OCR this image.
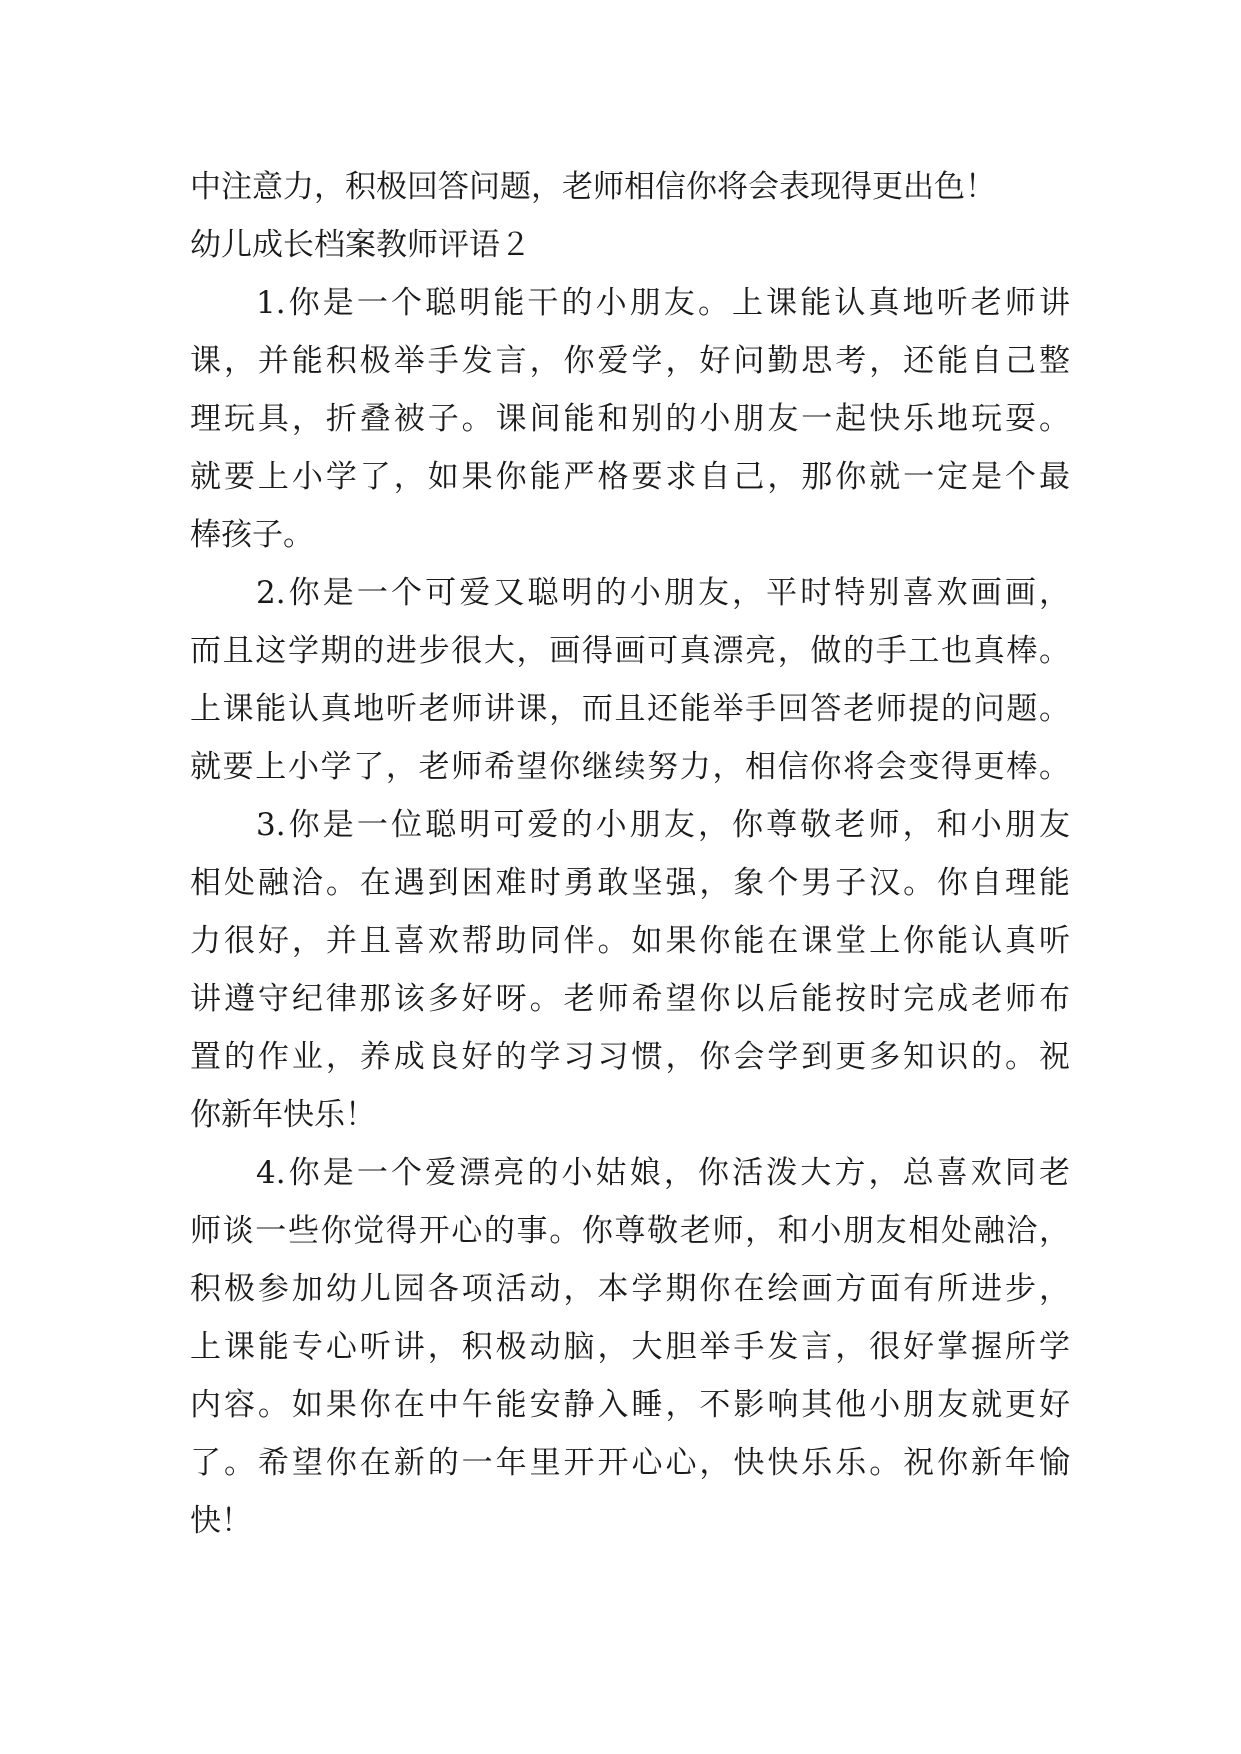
中注意力，积极回答问题，老师相信你将会表现得更出色！
幼儿成长档案教师评语２
1.你是一个聪明能干的小朋友。上课能认真地听老师讲
课，并能积极举手发言，你爱学，好问勤思考，还能自己整
理玩具，折叠被子。课间能和别的小朋友一起快乐地玩耍。
就要上小学了，如果你能严格要求自己，那你就一定是个最
棒孩子。
2.你是一个可爱又聪明的小朋友，平时特别喜欢画画，
而且这学期的进步很大，画得画可真漂亮，做的手工也真棒。
上课能认真地听老师讲课，而且还能举手回答老师提的问题。
就要上小学了，老师希望你继续努力，相信你将会变得更棒。
3.你是一位聪明可爱的小朋友，你尊敬老师，和小朋友
相处融洽。在遇到困难时勇敢坚强，象个男子汉。你自理能
力很好，并且喜欢帮助同伴。如果你能在课堂上你能认真听
讲遵守纪律那该多好呀。老师希望你以后能按时完成老师布
置的作业，养成良好的学习习惯，你会学到更多知识的。祝
你新年快乐！
4.你是一个爱漂亮的小姑娘，你活泼大方，总喜欢同老
师谈一些你觉得开心的事。你尊敬老师，和小朋友相处融洽，
积极参加幼儿园各项活动，本学期你在绘画方面有所进步，
上课能专心听讲，积极动脑，大胆举手发言，很好掌握所学
内容。如果你在中午能安静入睡，不影响其他小朋友就更好
了。希望你在新的一年里开开心心，快快乐乐。祝你新年愉
快！
